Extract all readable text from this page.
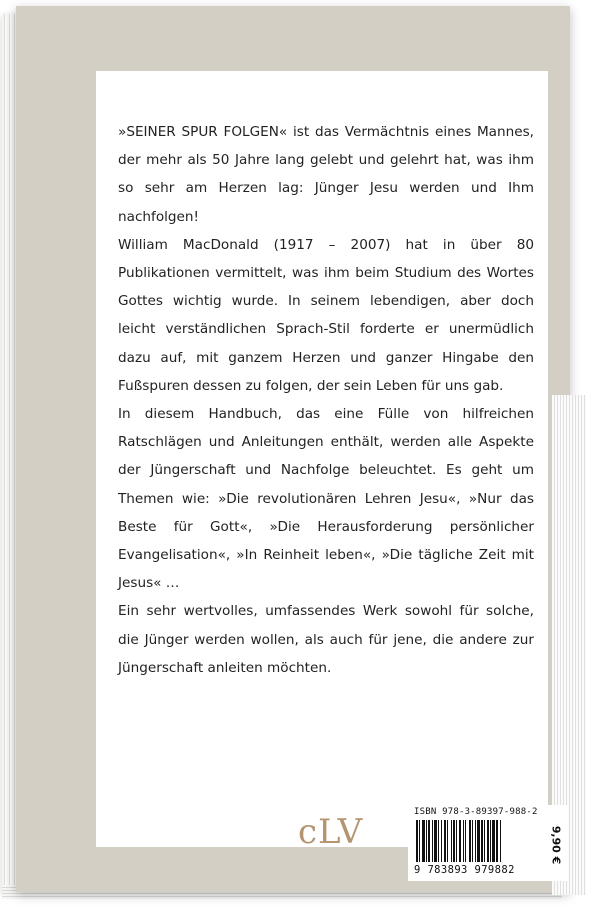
»SEINER SPUR FOLGEN« ist das Vermächtnis eines Mannes, der mehr als 50 Jahre lang gelebt und gelehrt hat, was ihm so sehr am Herzen lag: Jünger Jesu werden und Ihm nachfolgen!

William MacDonald (1917 – 2007) hat in über 80 Publikationen vermittelt, was ihm beim Studium des Wortes Gottes wichtig wurde. In seinem lebendigen, aber doch leicht verständlichen Sprach-Stil forderte er unermüdlich dazu auf, mit ganzem Herzen und ganzer Hingabe den Fußspuren dessen zu folgen, der sein Leben für uns gab.

In diesem Handbuch, das eine Fülle von hilfreichen Ratschlägen und Anleitungen enthält, werden alle Aspekte der Jüngerschaft und Nachfolge beleuchtet. Es geht um Themen wie: »Die revolutionären Lehren Jesu«, »Nur das Beste für Gott«, »Die Herausforderung persönlicher Evangelisation«, »In Reinheit leben«, »Die tägliche Zeit mit Jesus« …

Ein sehr wertvolles, umfassendes Werk sowohl für solche, die Jünger werden wollen, als auch für jene, die andere zur Jüngerschaft anleiten möchten.

cLV	ISBN 978-3-89397-988-2
9 783893 979882
9,90 €
